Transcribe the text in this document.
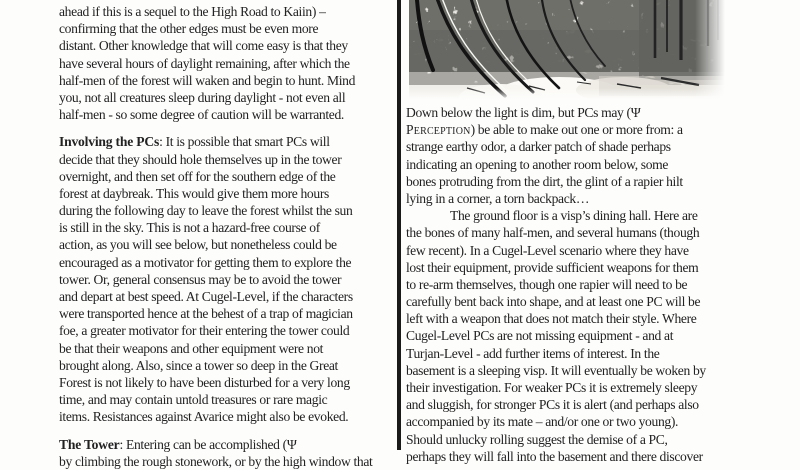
ahead if this is a sequel to the High Road to Kaiin) –
confirming that the other edges must be even more
distant. Other knowledge that will come easy is that they
have several hours of daylight remaining, after which the
half-men of the forest will waken and begin to hunt. Mind
you, not all creatures sleep during daylight - not even all
half-men - so some degree of caution will be warranted.
Involving the PCs: It is possible that smart PCs will
decide that they should hole themselves up in the tower
overnight, and then set off for the southern edge of the
forest at daybreak. This would give them more hours
during the following day to leave the forest whilst the sun
is still in the sky. This is not a hazard-free course of
action, as you will see below, but nonetheless could be
encouraged as a motivator for getting them to explore the
tower. Or, general consensus may be to avoid the tower
and depart at best speed. At Cugel-Level, if the characters
were transported hence at the behest of a trap of magician
foe, a greater motivator for their entering the tower could
be that their weapons and other equipment were not
brought along. Also, since a tower so deep in the Great
Forest is not likely to have been disturbed for a very long
time, and may contain untold treasures or rare magic
items. Resistances against Avarice might also be evoked.
The Tower: Entering can be accomplished (Ψ
by climbing the rough stonework, or by the high window that
Down below the light is dim, but PCs may (Ψ
Perception) be able to make out one or more from: a
strange earthy odor, a darker patch of shade perhaps
indicating an opening to another room below, some
bones protruding from the dirt, the glint of a rapier hilt
lying in a corner, a torn backpack…
The ground floor is a visp’s dining hall. Here are
the bones of many half-men, and several humans (though
few recent). In a Cugel-Level scenario where they have
lost their equipment, provide sufficient weapons for them
to re-arm themselves, though one rapier will need to be
carefully bent back into shape, and at least one PC will be
left with a weapon that does not match their style. Where
Cugel-Level PCs are not missing equipment - and at
Turjan-Level - add further items of interest. In the
basement is a sleeping visp. It will eventually be woken by
their investigation. For weaker PCs it is extremely sleepy
and sluggish, for stronger PCs it is alert (and perhaps also
accompanied by its mate – and/or one or two young).
Should unlucky rolling suggest the demise of a PC,
perhaps they will fall into the basement and there discover
